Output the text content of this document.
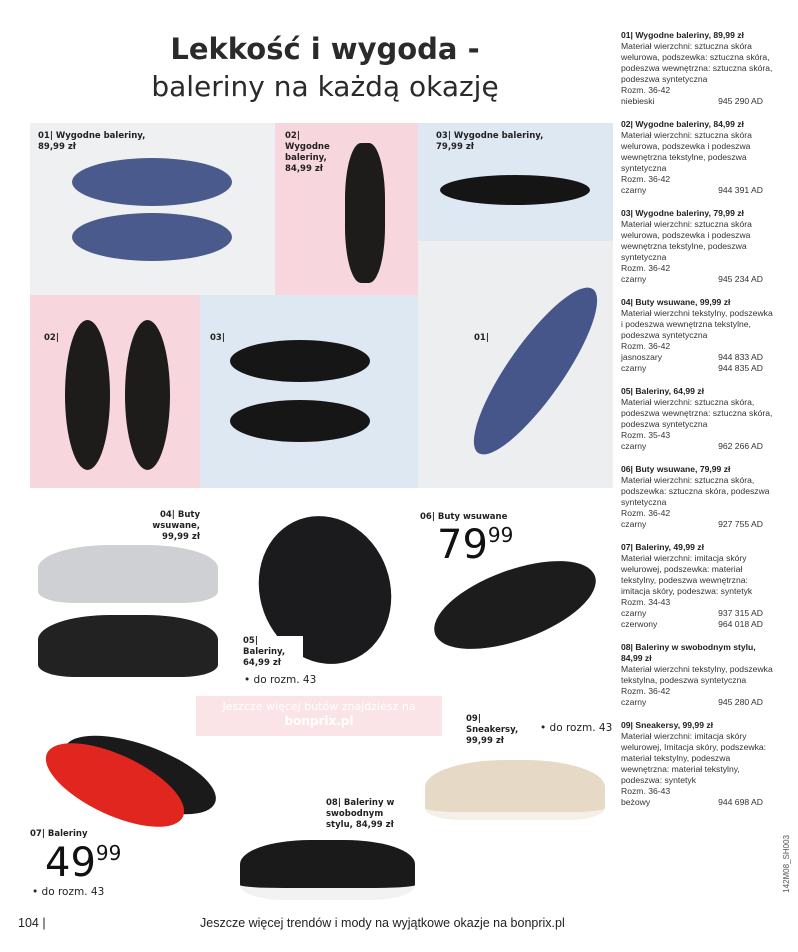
Lekkość i wygoda -
baleriny na każdą okazję
01| Wygodne baleriny, 89,99 zł
02| Wygodne baleriny, 84,99 zł
03| Wygodne baleriny, 79,99 zł
02|	03|	01|
04| Buty wsuwane, 99,99 zł
05| Baleriny, 64,99 zł
• do rozm. 43
06| Buty wsuwane
$79^{99}$
Jeszcze więcej butów znajdziesz na
bonprix.pl
07| Baleriny
$49^{99}$
• do rozm. 43
08| Baleriny w swobodnym stylu, 84,99 zł
09| Sneakersy, 99,99 zł
• do rozm. 43
01| Wygodne baleriny, 89,99 zł
Materiał wierzchni: sztuczna skóra welurowa, podszewka: sztuczna skóra, podeszwa wewnętrzna: sztuczna skóra, podeszwa syntetyczna
Rozm. 36-42
niebieski	945 290 AD
02| Wygodne baleriny, 84,99 zł
Materiał wierzchni: sztuczna skóra welurowa, podszewka i podeszwa wewnętrzna tekstylne, podeszwa syntetyczna
Rozm. 36-42
czarny	944 391 AD
03| Wygodne baleriny, 79,99 zł
Materiał wierzchni: sztuczna skóra welurowa, podszewka i podeszwa wewnętrzna tekstylne, podeszwa syntetyczna
Rozm. 36-42
czarny	945 234 AD
04| Buty wsuwane, 99,99 zł
Materiał wierzchni tekstylny, podszewka i podeszwa wewnętrzna tekstylne, podeszwa syntetyczna
Rozm. 36-42
jasnoszary	944 833 AD
czarny	944 835 AD
05| Baleriny, 64,99 zł
Materiał wierzchni: sztuczna skóra, podeszwa wewnętrzna: sztuczna skóra, podeszwa syntetyczna
Rozm. 35-43
czarny	962 266 AD
06| Buty wsuwane, 79,99 zł
Materiał wierzchni: sztuczna skóra, podszewka: sztuczna skóra, podeszwa syntetyczna
Rozm. 36-42
czarny	927 755 AD
07| Baleriny, 49,99 zł
Materiał wierzchni: imitacja skóry welurowej, podszewka: materiał tekstylny, podeszwa wewnętrzna: imitacja skóry, podeszwa: syntetyk
Rozm. 34-43
czarny	937 315 AD
czerwony	964 018 AD
08| Baleriny w swobodnym stylu, 84,99 zł
Materiał wierzchni tekstylny, podszewka tekstylna, podeszwa syntetyczna
Rozm. 36-42
czarny	945 280 AD
09| Sneakersy, 99,99 zł
Materiał wierzchni: imitacja skóry welurowej, Imitacja skóry, podszewka: materiał tekstylny, podeszwa wewnętrzna: materiał tekstylny, podeszwa: syntetyk
Rozm. 36-43
beżowy	944 698 AD
142M08_SH003
104 |	Jeszcze więcej trendów i mody na wyjątkowe okazje na bonprix.pl
